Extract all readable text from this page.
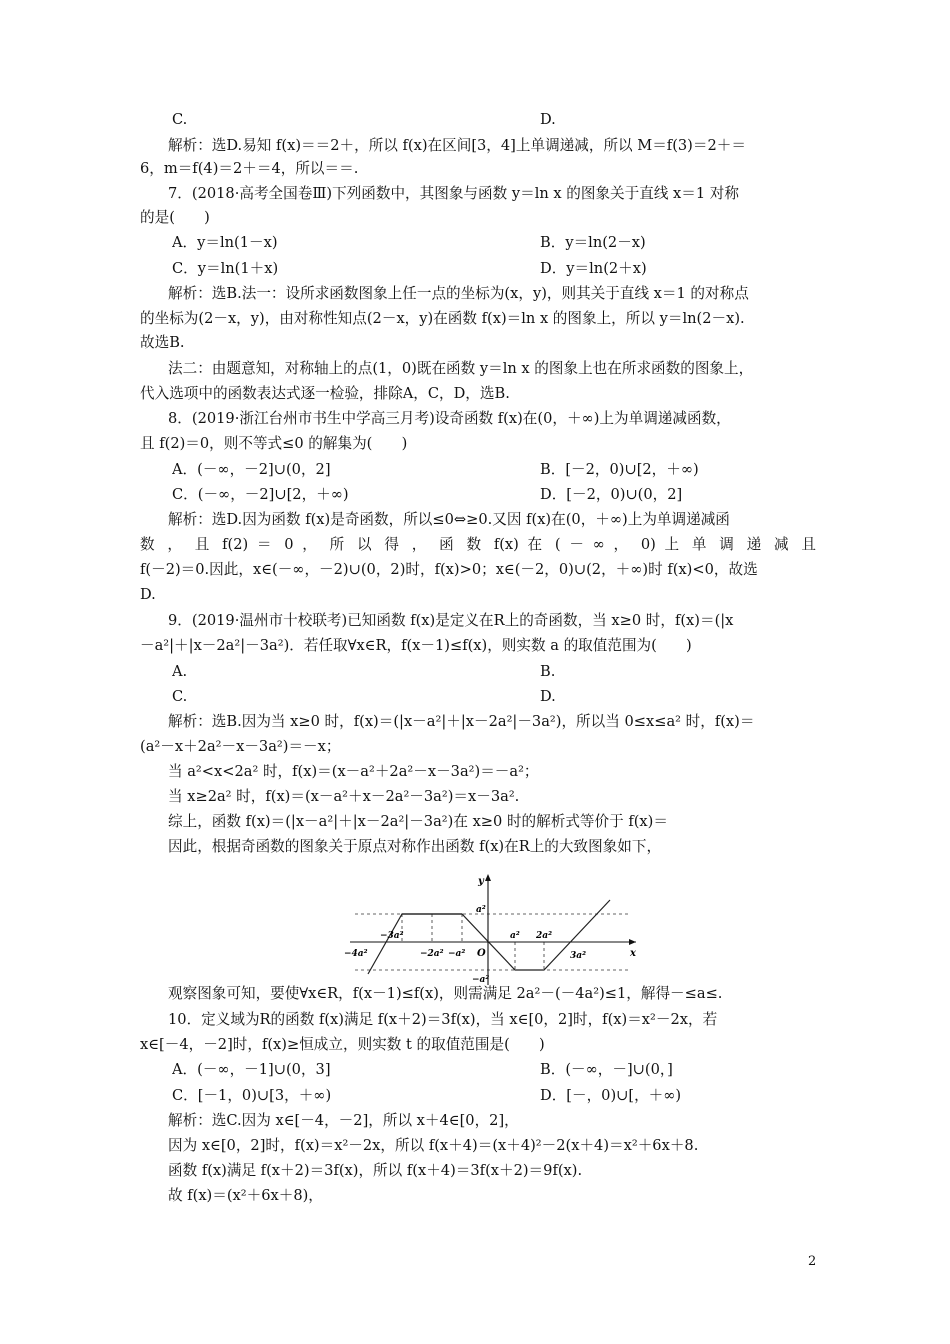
C.	D.
解析：选D.易知 f(x)＝＝2＋，所以 f(x)在区间[3，4]上单调递减，所以 M＝f(3)＝2＋＝
6，m＝f(4)＝2＋＝4，所以＝＝.
7．(2018·高考全国卷Ⅲ)下列函数中，其图象与函数 y＝ln x 的图象关于直线 x＝1 对称
的是(　　)
A．y＝ln(1－x)	B．y＝ln(2－x)
C．y＝ln(1＋x)	D．y＝ln(2＋x)
解析：选B.法一：设所求函数图象上任一点的坐标为(x，y)，则其关于直线 x＝1 的对称点
的坐标为(2－x，y)，由对称性知点(2－x，y)在函数 f(x)＝ln x 的图象上，所以 y＝ln(2－x).
故选B.
法二：由题意知，对称轴上的点(1，0)既在函数 y＝ln x 的图象上也在所求函数的图象上，
代入选项中的函数表达式逐一检验，排除A，C，D，选B.
8．(2019·浙江台州市书生中学高三月考)设奇函数 f(x)在(0，＋∞)上为单调递减函数，
且 f(2)＝0，则不等式≤0 的解集为(　　)
A．(－∞，－2]∪(0，2]	B．[－2，0)∪[2，＋∞)
C．(－∞，－2]∪[2，＋∞)	D．[－2，0)∪(0，2]
解析：选D.因为函数 f(x)是奇函数，所以≤0⇔≥0.又因 f(x)在(0，＋∞)上为单调递减函
数 ， 且 f(2) ＝ 0 ， 所 以 得 ， 函 数 f(x) 在 ( － ∞ ， 0) 上 单 调 递 减 且
f(－2)＝0.因此，x∈(－∞，－2)∪(0，2)时，f(x)>0；x∈(－2，0)∪(2，＋∞)时 f(x)<0，故选
D.
9．(2019·温州市十校联考)已知函数 f(x)是定义在R上的奇函数，当 x≥0 时，f(x)＝(|x
－a²|＋|x－2a²|－3a²)．若任取∀x∈R，f(x－1)≤f(x)，则实数 a 的取值范围为(　　)
A.	B.
C.	D.
解析：选B.因为当 x≥0 时，f(x)＝(|x－a²|＋|x－2a²|－3a²)，所以当 0≤x≤a² 时，f(x)＝
(a²－x＋2a²－x－3a²)＝－x；
当 a²<x<2a² 时，f(x)＝(x－a²＋2a²－x－3a²)＝－a²；
当 x≥2a² 时，f(x)＝(x－a²＋x－2a²－3a²)＝x－3a².
综上，函数 f(x)＝(|x－a²|＋|x－2a²|－3a²)在 x≥0 时的解析式等价于 f(x)＝
因此，根据奇函数的图象关于原点对称作出函数 f(x)在R上的大致图象如下，
观察图象可知，要使∀x∈R，f(x－1)≤f(x)，则需满足 2a²－(－4a²)≤1，解得－≤a≤.
10．定义域为R的函数 f(x)满足 f(x＋2)＝3f(x)，当 x∈[0，2]时，f(x)＝x²－2x，若
x∈[－4，－2]时，f(x)≥恒成立，则实数 t 的取值范围是(　　)
A．(－∞，－1]∪(0，3]	B．(－∞，－]∪(0，]
C．[－1，0)∪[3，＋∞)	D．[－，0)∪[，＋∞)
解析：选C.因为 x∈[－4，－2]，所以 x＋4∈[0，2]，
因为 x∈[0，2]时，f(x)＝x²－2x，所以 f(x＋4)＝(x＋4)²－2(x＋4)＝x²＋6x＋8.
函数 f(x)满足 f(x＋2)＝3f(x)，所以 f(x＋4)＝3f(x＋2)＝9f(x).
故 f(x)＝(x²＋6x＋8)，
y
x
O
a²
−a²
a² 2a²
3a²
−3a²
−4a²	−2a² −a²
2
